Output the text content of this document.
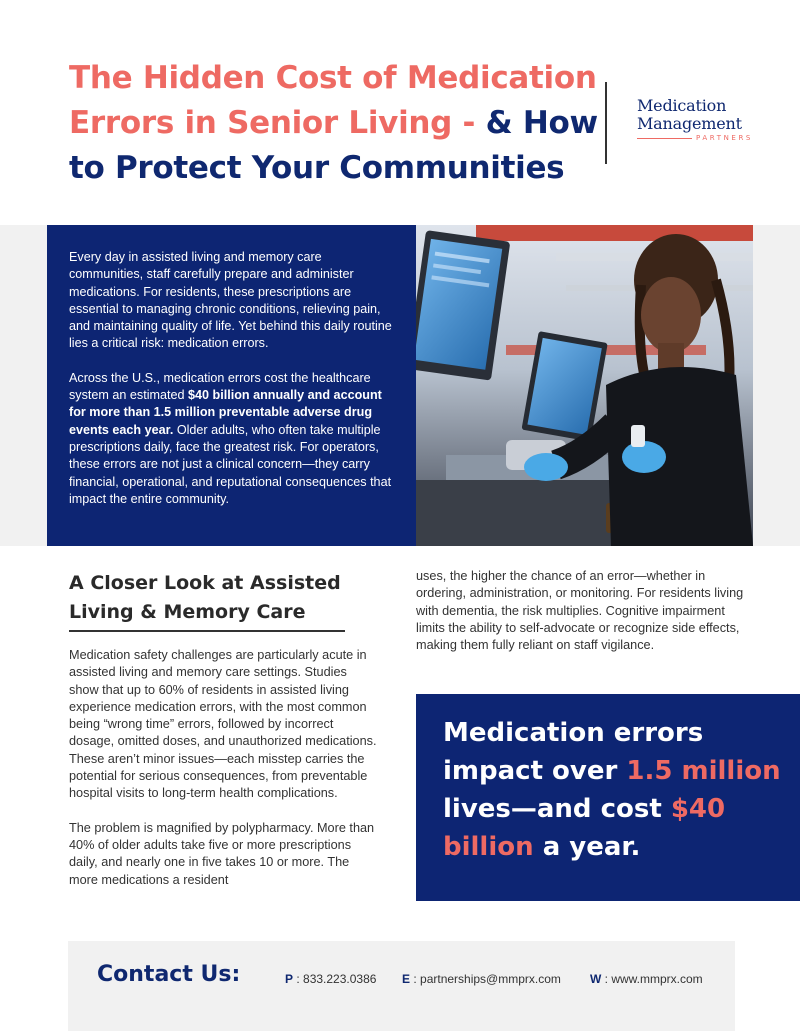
The Hidden Cost of Medication Errors in Senior Living - & How to Protect Your Communities
Medication
Management
PARTNERS

Every day in assisted living and memory care communities, staff carefully prepare and administer medications. For residents, these prescriptions are essential to managing chronic conditions, relieving pain, and maintaining quality of life. Yet behind this daily routine lies a critical risk: medication errors.

Across the U.S., medication errors cost the healthcare system an estimated $40 billion annually and account for more than 1.5 million preventable adverse drug events each year. Older adults, who often take multiple prescriptions daily, face the greatest risk. For operators, these errors are not just a clinical concern—they carry financial, operational, and reputational consequences that impact the entire community.

A Closer Look at Assisted Living & Memory Care

Medication safety challenges are particularly acute in assisted living and memory care settings. Studies show that up to 60% of residents in assisted living experience medication errors, with the most common being “wrong time” errors, followed by incorrect dosage, omitted doses, and unauthorized medications. These aren’t minor issues—each misstep carries the potential for serious consequences, from preventable hospital visits to long-term health complications.

The problem is magnified by polypharmacy. More than 40% of older adults take five or more prescriptions daily, and nearly one in five takes 10 or more. The more medications a resident

uses, the higher the chance of an error—whether in ordering, administration, or monitoring. For residents living with dementia, the risk multiplies. Cognitive impairment limits the ability to self-advocate or recognize side effects, making them fully reliant on staff vigilance.
Medication errors impact over 1.5 million lives—and cost $40 billion a year.
Contact Us:	P : 833.223.0386 E : partnerships@mmprx.com W : www.mmprx.com
